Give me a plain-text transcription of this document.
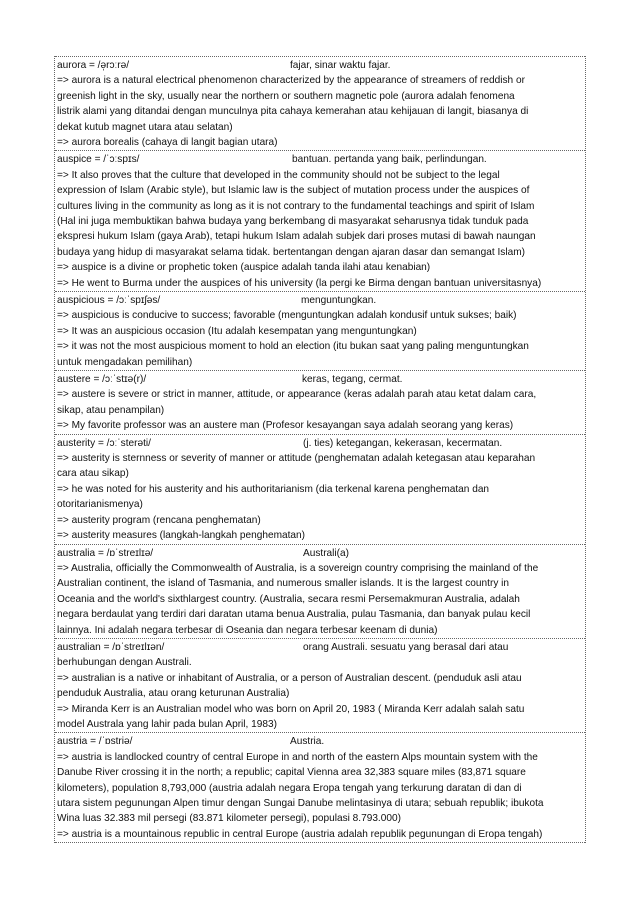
aurora = /ə̩rɔːrə/	fajar, sinar waktu fajar.
=> aurora is a natural electrical phenomenon characterized by the appearance of streamers of reddish or
greenish light in the sky, usually near the northern or southern magnetic pole (aurora adalah fenomena
listrik alami yang ditandai dengan munculnya pita cahaya kemerahan atau kehijauan di langit, biasanya di
dekat kutub magnet utara atau selatan)
=> aurora borealis (cahaya di langit bagian utara)
auspice = /ˈɔːspɪs/	bantuan. pertanda yang baik, perlindungan.
=> It also proves that the culture that developed in the community should not be subject to the legal
expression of Islam (Arabic style), but Islamic law is the subject of mutation process under the auspices of
cultures living in the community as long as it is not contrary to the fundamental teachings and spirit of Islam
(Hal ini juga membuktikan bahwa budaya yang berkembang di masyarakat seharusnya tidak tunduk pada
ekspresi hukum Islam (gaya Arab), tetapi hukum Islam adalah subjek dari proses mutasi di bawah naungan
budaya yang hidup di masyarakat selama tidak. bertentangan dengan ajaran dasar dan semangat Islam)
=> auspice is a divine or prophetic token (auspice adalah tanda ilahi atau kenabian)
=> He went to Burma under the auspices of his university (la pergi ke Birma dengan bantuan universitasnya)
auspicious = /ɔːˈspɪʃəs/	menguntungkan.
=> auspicious is conducive to success; favorable (menguntungkan adalah kondusif untuk sukses; baik)
=> It was an auspicious occasion (Itu adalah kesempatan yang menguntungkan)
=> it was not the most auspicious moment to hold an election (itu bukan saat yang paling menguntungkan
untuk mengadakan pemilihan)
austere = /ɔːˈstɪə(r)/	keras, tegang, cermat.
=> austere is severe or strict in manner, attitude, or appearance (keras adalah parah atau ketat dalam cara,
sikap, atau penampilan)
=> My favorite professor was an austere man (Profesor kesayangan saya adalah seorang yang keras)
austerity = /ɔːˈsterəti/	(j. ties) ketegangan, kekerasan, kecermatan.
=> austerity is sternness or severity of manner or attitude (penghematan adalah ketegasan atau keparahan
cara atau sikap)
=> he was noted for his austerity and his authoritarianism (dia terkenal karena penghematan dan
otoritarianismenya)
=> austerity program (rencana penghematan)
=> austerity measures (langkah-langkah penghematan)
australia = /ɒˈstreɪlɪə/	Australi(a)
=> Australia, officially the Commonwealth of Australia, is a sovereign country comprising the mainland of the
Australian continent, the island of Tasmania, and numerous smaller islands. It is the largest country in
Oceania and the world's sixthlargest country. (Australia, secara resmi Persemakmuran Australia, adalah
negara berdaulat yang terdiri dari daratan utama benua Australia, pulau Tasmania, dan banyak pulau kecil
lainnya. Ini adalah negara terbesar di Oseania dan negara terbesar keenam di dunia)
australian = /ɒˈstreɪlɪən/	orang Australi. sesuatu yang berasal dari atau
berhubungan dengan Australi.
=> australian is a native or inhabitant of Australia, or a person of Australian descent. (penduduk asli atau
penduduk Australia, atau orang keturunan Australia)
=> Miranda Kerr is an Australian model who was born on April 20, 1983 ( Miranda Kerr adalah salah satu
model Australa yang lahir pada bulan April, 1983)
austria = /ˈɒstriə/	Austria.
=> austria is landlocked country of central Europe in and north of the eastern Alps mountain system with the
Danube River crossing it in the north; a republic; capital Vienna area 32,383 square miles (83,871 square
kilometers), population 8,793,000 (austria adalah negara Eropa tengah yang terkurung daratan di dan di
utara sistem pegunungan Alpen timur dengan Sungai Danube melintasinya di utara; sebuah republik; ibukota
Wina luas 32.383 mil persegi (83.871 kilometer persegi), populasi 8.793.000)
=> austria is a mountainous republic in central Europe (austria adalah republik pegunungan di Eropa tengah)
